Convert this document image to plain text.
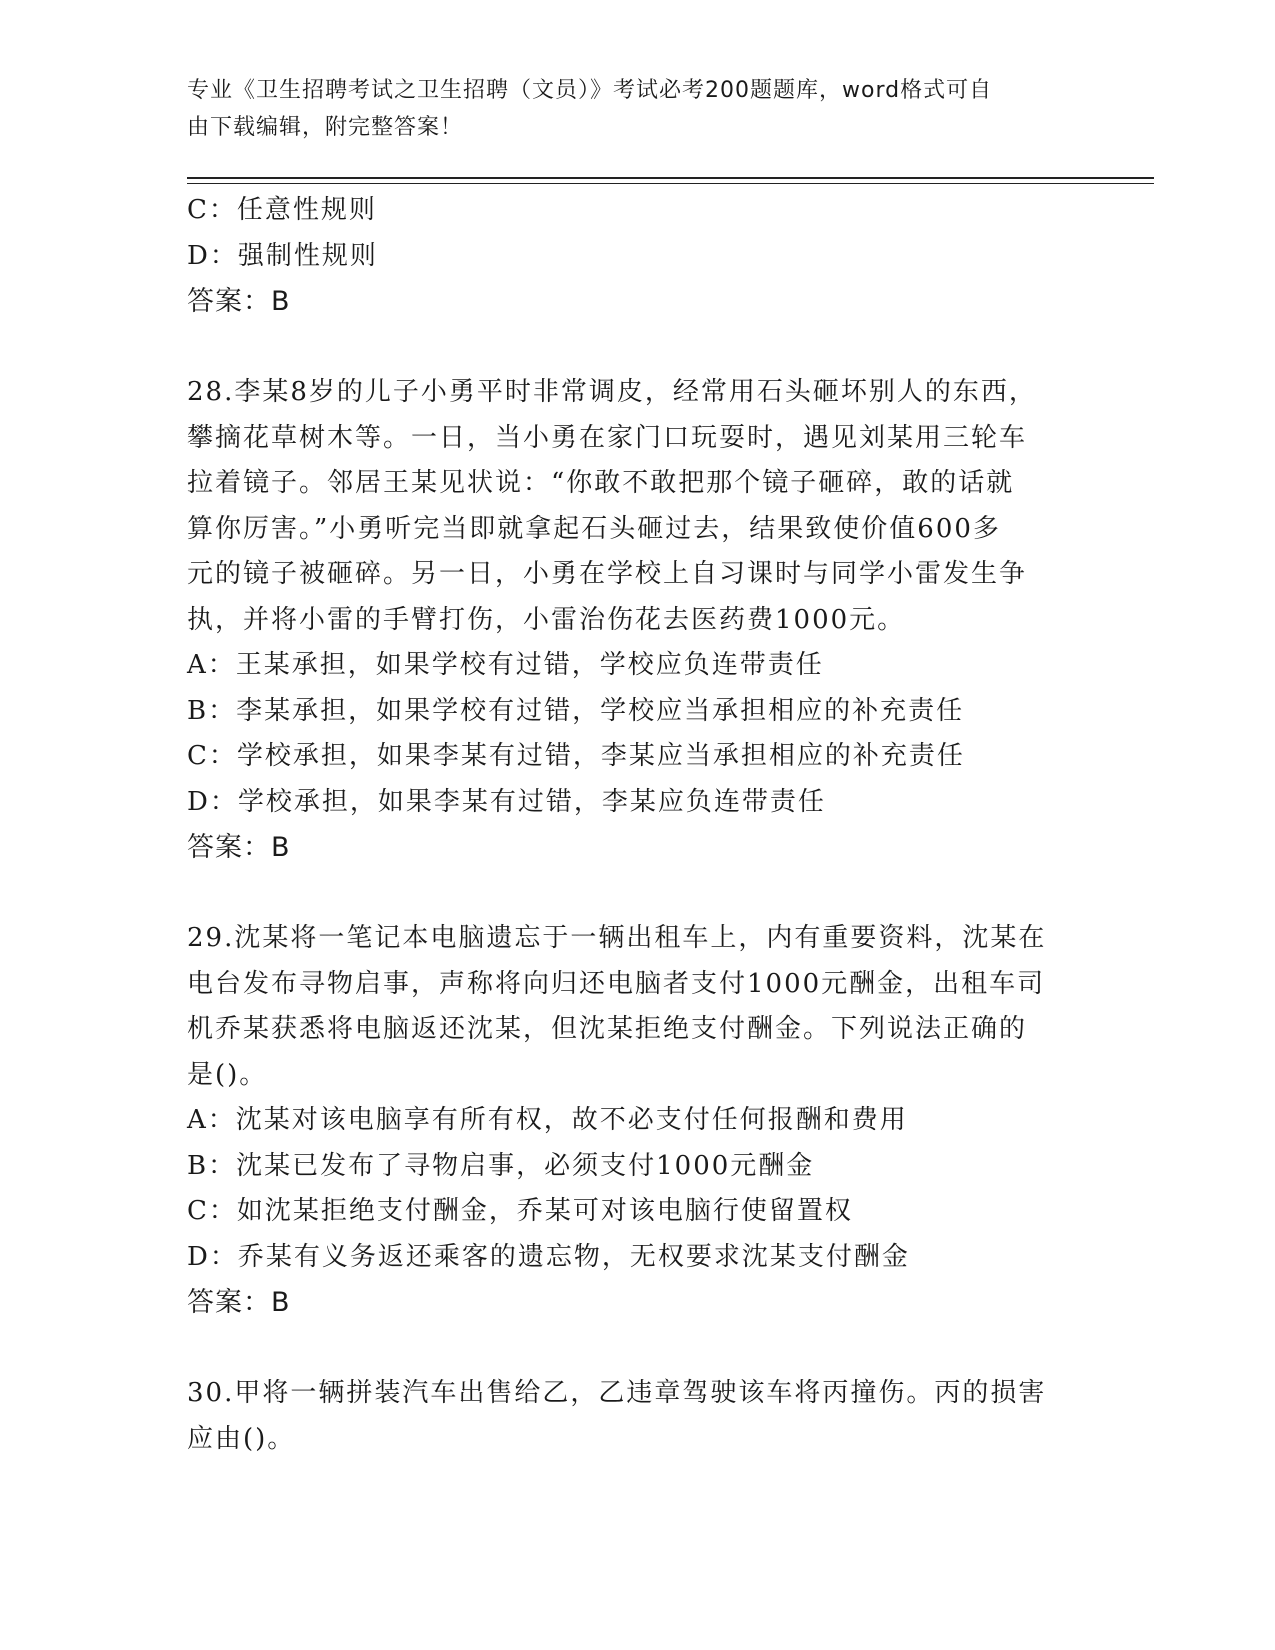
专业《卫生招聘考试之卫生招聘（文员）》考试必考200题题库，word格式可自
由下载编辑，附完整答案！
C：任意性规则
D：强制性规则
答案：B
28.李某8岁的儿子小勇平时非常调皮，经常用石头砸坏别人的东西，
攀摘花草树木等。一日，当小勇在家门口玩耍时，遇见刘某用三轮车
拉着镜子。邻居王某见状说：“你敢不敢把那个镜子砸碎，敢的话就
算你厉害。”小勇听完当即就拿起石头砸过去，结果致使价值600多
元的镜子被砸碎。另一日，小勇在学校上自习课时与同学小雷发生争
执，并将小雷的手臂打伤，小雷治伤花去医药费1000元。
A：王某承担，如果学校有过错，学校应负连带责任
B：李某承担，如果学校有过错，学校应当承担相应的补充责任
C：学校承担，如果李某有过错，李某应当承担相应的补充责任
D：学校承担，如果李某有过错，李某应负连带责任
答案：B
29.沈某将一笔记本电脑遗忘于一辆出租车上，内有重要资料，沈某在
电台发布寻物启事，声称将向归还电脑者支付1000元酬金，出租车司
机乔某获悉将电脑返还沈某，但沈某拒绝支付酬金。下列说法正确的
是()。
A：沈某对该电脑享有所有权，故不必支付任何报酬和费用
B：沈某已发布了寻物启事，必须支付1000元酬金
C：如沈某拒绝支付酬金，乔某可对该电脑行使留置权
D：乔某有义务返还乘客的遗忘物，无权要求沈某支付酬金
答案：B
30.甲将一辆拼装汽车出售给乙，乙违章驾驶该车将丙撞伤。丙的损害
应由()。
